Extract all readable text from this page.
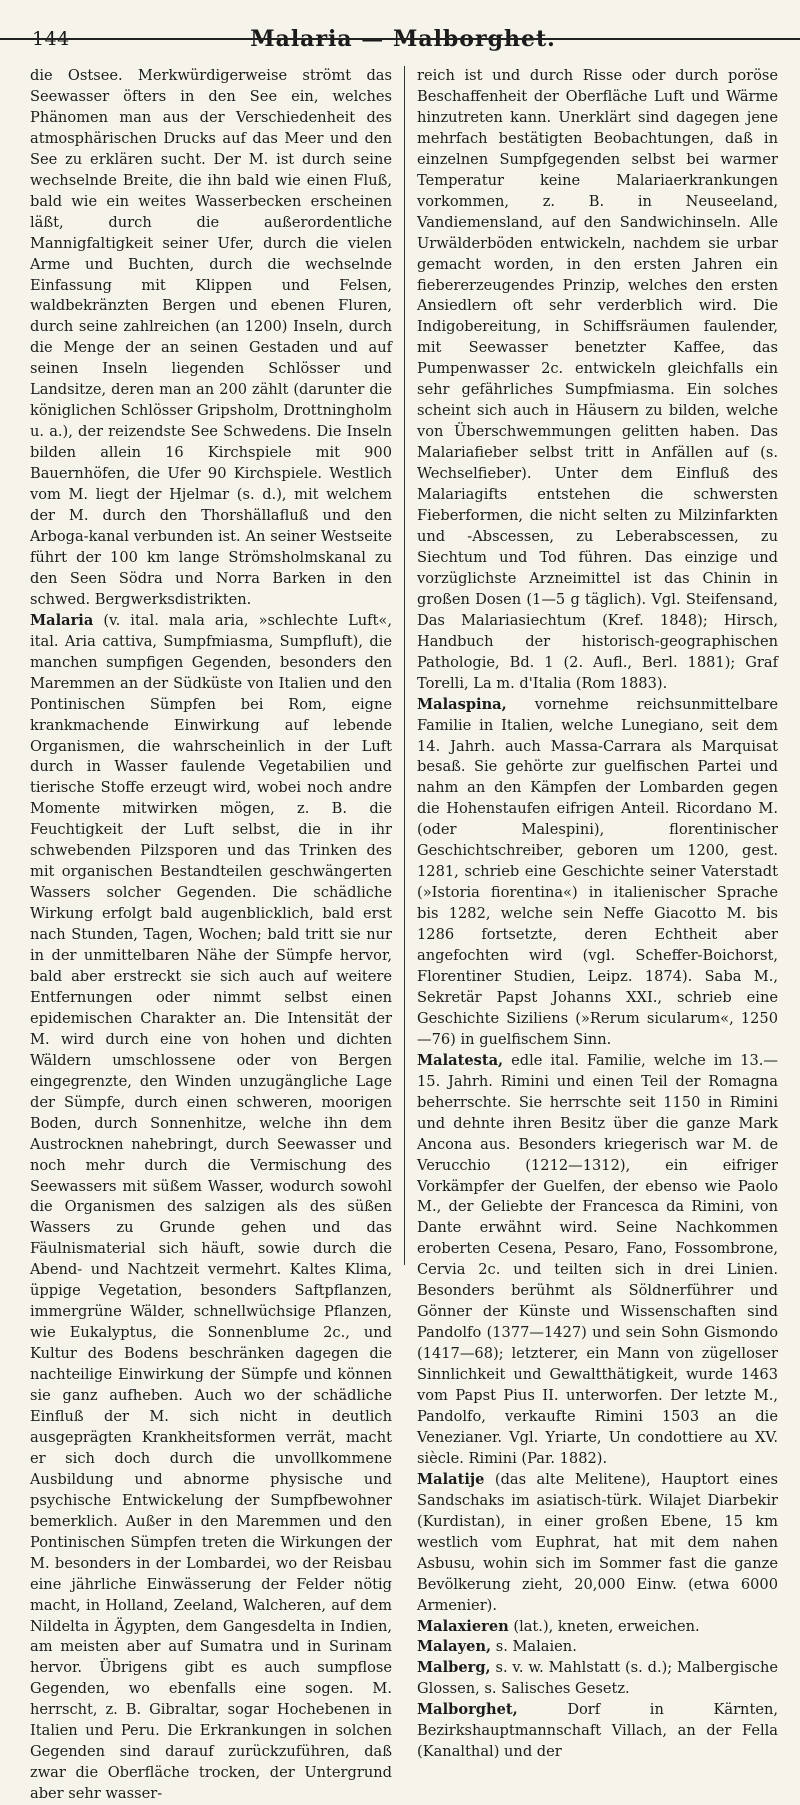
144	Malaria — Malborghet.

die Ostsee. Merkwürdigerweise strömt das Seewasser öfters in den See ein, welches Phänomen man aus der Verschiedenheit des atmosphärischen Drucks auf das Meer und den See zu erklären sucht. Der M. ist durch seine wechselnde Breite, die ihn bald wie einen Fluß, bald wie ein weites Wasserbecken erscheinen läßt, durch die außerordentliche Mannigfaltigkeit seiner Ufer, durch die vielen Arme und Buchten, durch die wechselnde Einfassung mit Klippen und Felsen, waldbekränzten Bergen und ebenen Fluren, durch seine zahlreichen (an 1200) Inseln, durch die Menge der an seinen Gestaden und auf seinen Inseln liegenden Schlösser und Landsitze, deren man an 200 zählt (darunter die königlichen Schlösser Gripsholm, Drottningholm u. a.), der reizendste See Schwedens. Die Inseln bilden allein 16 Kirchspiele mit 900 Bauernhöfen, die Ufer 90 Kirchspiele. Westlich vom M. liegt der Hjelmar (s. d.), mit welchem der M. durch den Thorshällafluß und den Arboga-kanal verbunden ist. An seiner Westseite führt der 100 km lange Strömsholmskanal zu den Seen Södra und Norra Barken in den schwed. Bergwerksdistrikten.

Malaria (v. ital. mala aria, »schlechte Luft«, ital. Aria cattiva, Sumpfmiasma, Sumpfluft), die manchen sumpfigen Gegenden, besonders den Maremmen an der Südküste von Italien und den Pontinischen Sümpfen bei Rom, eigne krankmachende Einwirkung auf lebende Organismen, die wahrscheinlich in der Luft durch in Wasser faulende Vegetabilien und tierische Stoffe erzeugt wird, wobei noch andre Momente mitwirken mögen, z. B. die Feuchtigkeit der Luft selbst, die in ihr schwebenden Pilzsporen und das Trinken des mit organischen Bestandteilen geschwängerten Wassers solcher Gegenden. Die schädliche Wirkung erfolgt bald augenblicklich, bald erst nach Stunden, Tagen, Wochen; bald tritt sie nur in der unmittelbaren Nähe der Sümpfe hervor, bald aber erstreckt sie sich auch auf weitere Entfernungen oder nimmt selbst einen epidemischen Charakter an. Die Intensität der M. wird durch eine von hohen und dichten Wäldern umschlossene oder von Bergen eingegrenzte, den Winden unzugängliche Lage der Sümpfe, durch einen schweren, moorigen Boden, durch Sonnenhitze, welche ihn dem Austrocknen nahebringt, durch Seewasser und noch mehr durch die Vermischung des Seewassers mit süßem Wasser, wodurch sowohl die Organismen des salzigen als des süßen Wassers zu Grunde gehen und das Fäulnismaterial sich häuft, sowie durch die Abend- und Nachtzeit vermehrt. Kaltes Klima, üppige Vegetation, besonders Saftpflanzen, immergrüne Wälder, schnellwüchsige Pflanzen, wie Eukalyptus, die Sonnenblume 2c., und Kultur des Bodens beschränken dagegen die nachteilige Einwirkung der Sümpfe und können sie ganz aufheben. Auch wo der schädliche Einfluß der M. sich nicht in deutlich ausgeprägten Krankheitsformen verrät, macht er sich doch durch die unvollkommene Ausbildung und abnorme physische und psychische Entwickelung der Sumpfbewohner bemerklich. Außer in den Maremmen und den Pontinischen Sümpfen treten die Wirkungen der M. besonders in der Lombardei, wo der Reisbau eine jährliche Einwässerung der Felder nötig macht, in Holland, Zeeland, Walcheren, auf dem Nildelta in Ägypten, dem Gangesdelta in Indien, am meisten aber auf Sumatra und in Surinam hervor. Übrigens gibt es auch sumpflose Gegenden, wo ebenfalls eine sogen. M. herrscht, z. B. Gibraltar, sogar Hochebenen in Italien und Peru. Die Erkrankungen in solchen Gegenden sind darauf zurückzuführen, daß zwar die Oberfläche trocken, der Untergrund aber sehr wasser-

reich ist und durch Risse oder durch poröse Beschaffenheit der Oberfläche Luft und Wärme hinzutreten kann. Unerklärt sind dagegen jene mehrfach bestätigten Beobachtungen, daß in einzelnen Sumpfgegenden selbst bei warmer Temperatur keine Malariaerkrankungen vorkommen, z. B. in Neuseeland, Vandiemensland, auf den Sandwichinseln. Alle Urwälderböden entwickeln, nachdem sie urbar gemacht worden, in den ersten Jahren ein fiebererzeugendes Prinzip, welches den ersten Ansiedlern oft sehr verderblich wird. Die Indigobereitung, in Schiffsräumen faulender, mit Seewasser benetzter Kaffee, das Pumpenwasser 2c. entwickeln gleichfalls ein sehr gefährliches Sumpfmiasma. Ein solches scheint sich auch in Häusern zu bilden, welche von Überschwemmungen gelitten haben. Das Malariafieber selbst tritt in Anfällen auf (s. Wechselfieber). Unter dem Einfluß des Malariagifts entstehen die schwersten Fieberformen, die nicht selten zu Milzinfarkten und -Abscessen, zu Leberabscessen, zu Siechtum und Tod führen. Das einzige und vorzüglichste Arzneimittel ist das Chinin in großen Dosen (1—5 g täglich). Vgl. Steifensand, Das Malariasiechtum (Kref. 1848); Hirsch, Handbuch der historisch-geographischen Pathologie, Bd. 1 (2. Aufl., Berl. 1881); Graf Torelli, La m. d'Italia (Rom 1883).

Malaspina, vornehme reichsunmittelbare Familie in Italien, welche Lunegiano, seit dem 14. Jahrh. auch Massa-Carrara als Marquisat besaß. Sie gehörte zur guelfischen Partei und nahm an den Kämpfen der Lombarden gegen die Hohenstaufen eifrigen Anteil. Ricordano M. (oder Malespini), florentinischer Geschichtschreiber, geboren um 1200, gest. 1281, schrieb eine Geschichte seiner Vaterstadt (»Istoria fiorentina«) in italienischer Sprache bis 1282, welche sein Neffe Giacotto M. bis 1286 fortsetzte, deren Echtheit aber angefochten wird (vgl. Scheffer-Boichorst, Florentiner Studien, Leipz. 1874). Saba M., Sekretär Papst Johanns XXI., schrieb eine Geschichte Siziliens (»Rerum sicularum«, 1250—76) in guelfischem Sinn.

Malatesta, edle ital. Familie, welche im 13.—15. Jahrh. Rimini und einen Teil der Romagna beherrschte. Sie herrschte seit 1150 in Rimini und dehnte ihren Besitz über die ganze Mark Ancona aus. Besonders kriegerisch war M. de Verucchio (1212—1312), ein eifriger Vorkämpfer der Guelfen, der ebenso wie Paolo M., der Geliebte der Francesca da Rimini, von Dante erwähnt wird. Seine Nachkommen eroberten Cesena, Pesaro, Fano, Fossombrone, Cervia 2c. und teilten sich in drei Linien. Besonders berühmt als Söldnerführer und Gönner der Künste und Wissenschaften sind Pandolfo (1377—1427) und sein Sohn Gismondo (1417—68); letzterer, ein Mann von zügelloser Sinnlichkeit und Gewaltthätigkeit, wurde 1463 vom Papst Pius II. unterworfen. Der letzte M., Pandolfo, verkaufte Rimini 1503 an die Venezianer. Vgl. Yriarte, Un condottiere au XV. siècle. Rimini (Par. 1882).

Malatije (das alte Melitene), Hauptort eines Sandschaks im asiatisch-türk. Wilajet Diarbekir (Kurdistan), in einer großen Ebene, 15 km westlich vom Euphrat, hat mit dem nahen Asbusu, wohin sich im Sommer fast die ganze Bevölkerung zieht, 20,000 Einw. (etwa 6000 Armenier).

Malaxieren (lat.), kneten, erweichen.

Malayen, s. Malaien.

Malberg, s. v. w. Mahlstatt (s. d.); Malbergische Glossen, s. Salisches Gesetz.

Malborghet, Dorf in Kärnten, Bezirkshauptmannschaft Villach, an der Fella (Kanalthal) und der
